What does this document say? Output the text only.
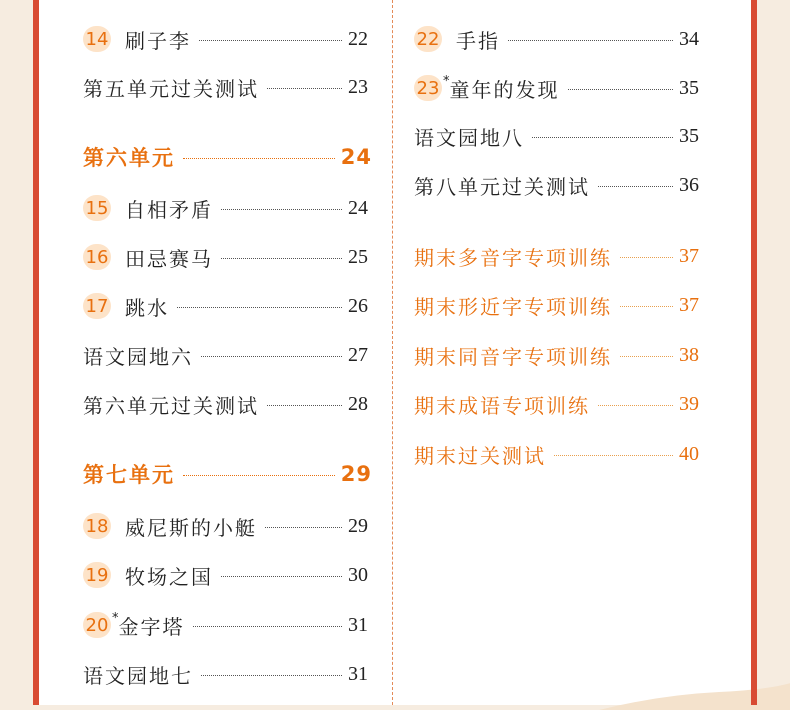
14 刷子李	22
第五单元过关测试	23
第六单元	24
15 自相矛盾	24
16 田忌赛马	25
17 跳水	26
语文园地六	27
第六单元过关测试	28
第七单元	29
18 威尼斯的小艇	29
19 牧场之国	30
20 * 金字塔	31
语文园地七	31
22 手指	34
23 * 童年的发现	35
语文园地八	35
第八单元过关测试	36
期末多音字专项训练	37
期末形近字专项训练	37
期末同音字专项训练	38
期末成语专项训练	39
期末过关测试	40
